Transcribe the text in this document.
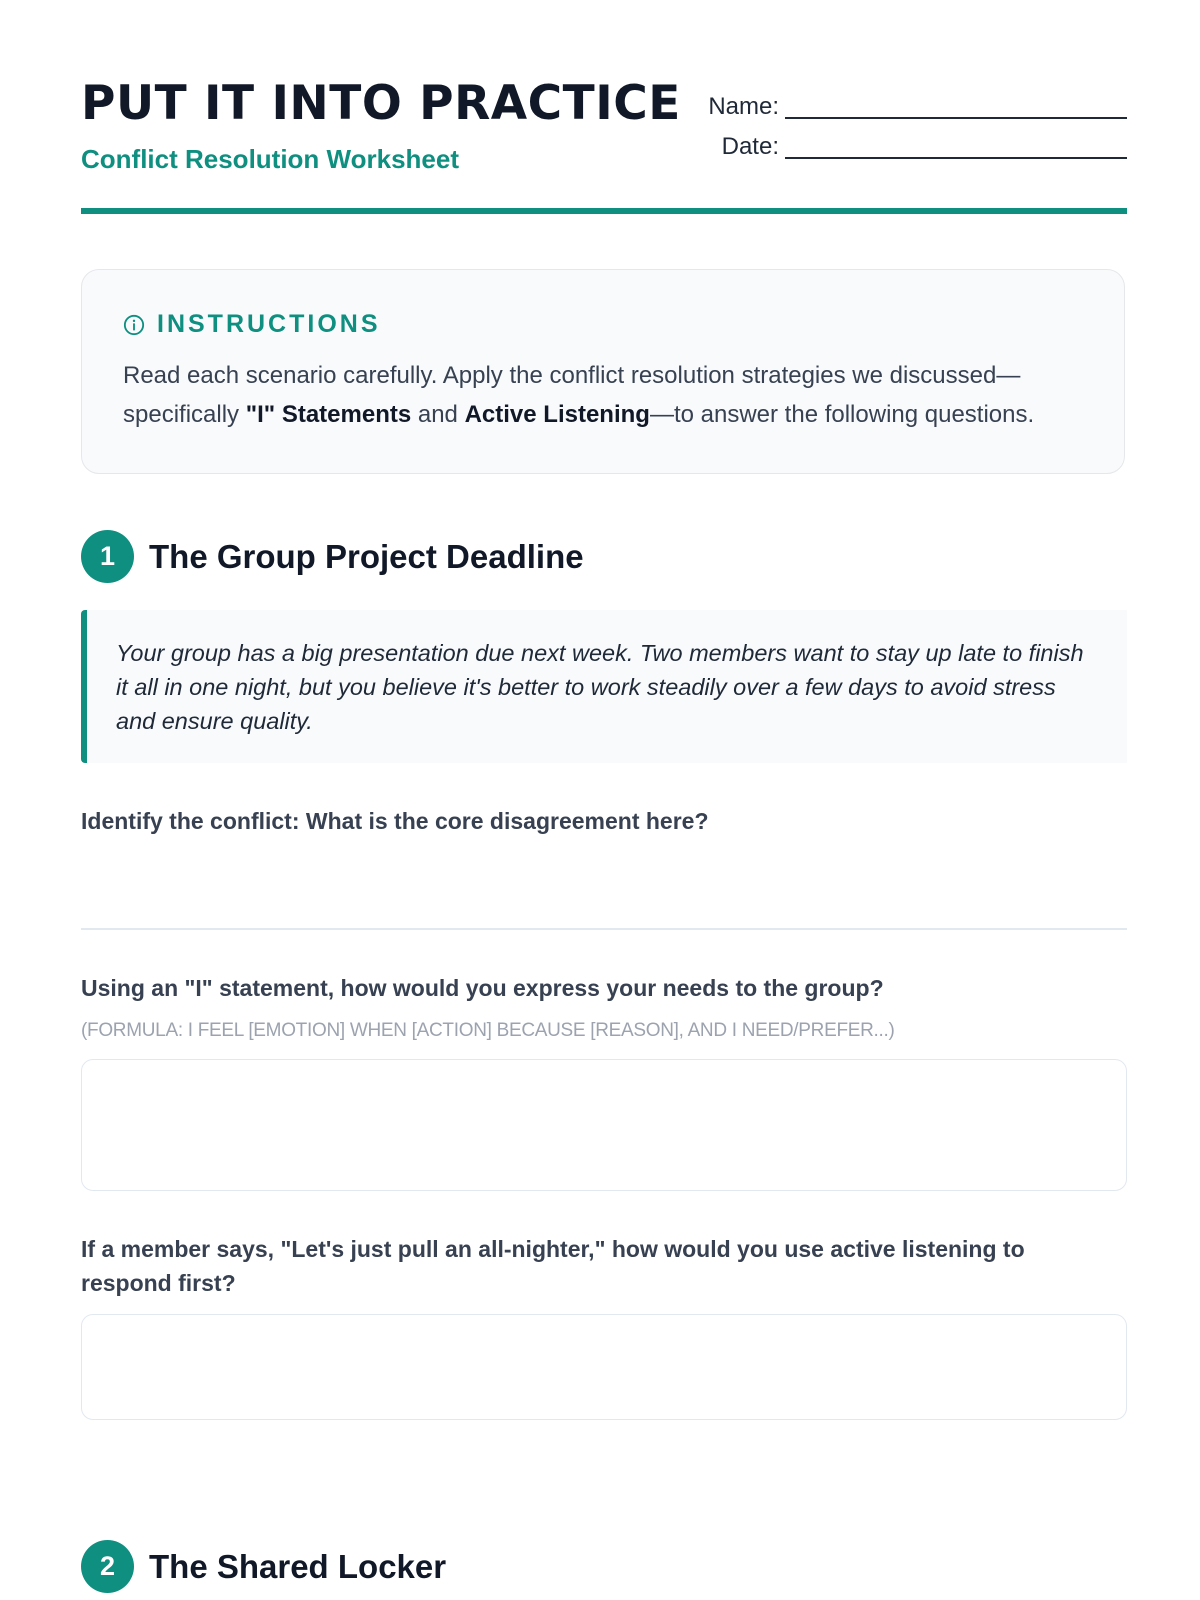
PUT IT INTO PRACTICE
Conflict Resolution Worksheet
Name:
Date:
INSTRUCTIONS
Read each scenario carefully. Apply the conflict resolution strategies we discussed—specifically "I" Statements and Active Listening—to answer the following questions.
1	The Group Project Deadline
Your group has a big presentation due next week. Two members want to stay up late to finish it all in one night, but you believe it's better to work steadily over a few days to avoid stress and ensure quality.
Identify the conflict: What is the core disagreement here?
Using an "I" statement, how would you express your needs to the group?
(FORMULA: I FEEL [EMOTION] WHEN [ACTION] BECAUSE [REASON], AND I NEED/PREFER...)
If a member says, "Let's just pull an all-nighter," how would you use active listening to respond first?
2	The Shared Locker
